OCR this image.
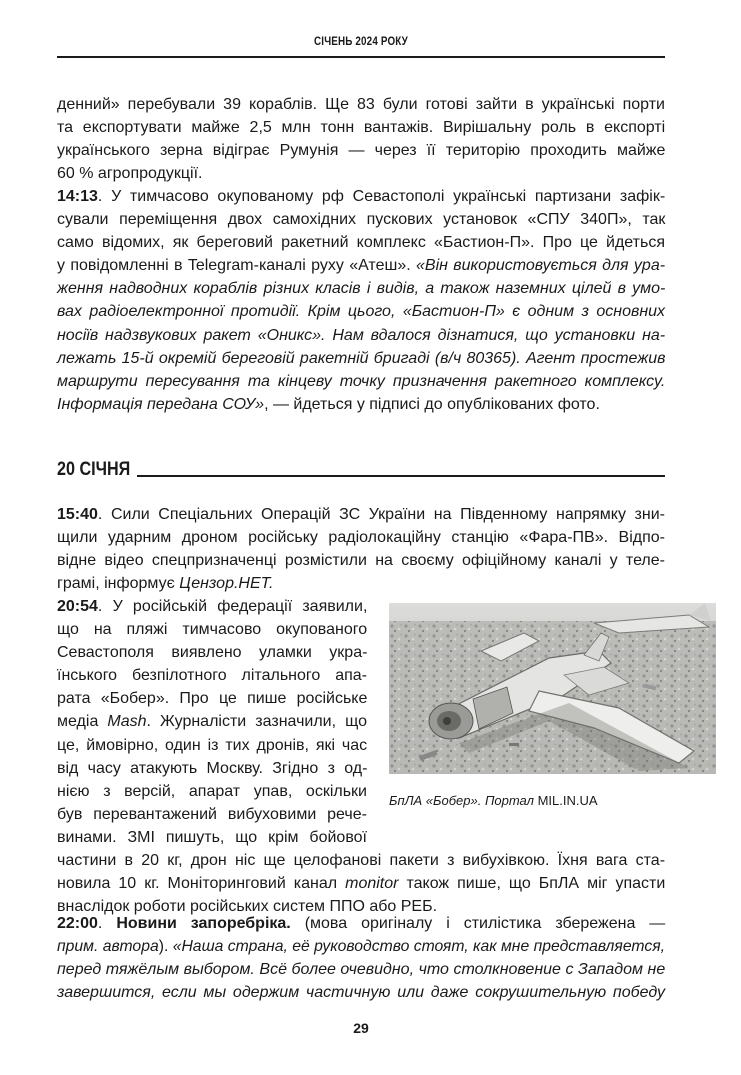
СІЧЕНЬ 2024 РОКУ
денний» перебували 39 кораблів. Ще 83 були готові зайти в українські порти
та експортувати майже 2,5 млн тонн вантажів. Вирішальну роль в експорті
українського зерна відіграє Румунія — через її територію проходить майже
60 % агропродукції.
14:13. У тимчасово окупованому рф Севастополі українські партизани зафік-
сували переміщення двох самохідних пускових установок «СПУ 340П», так
само відомих, як береговий ракетний комплекс «Бастион-П». Про це йдеться
у повідомленні в Telegram-каналі руху «Атеш». «Він використовується для ура-
ження надводних кораблів різних класів і видів, а також наземних цілей в умо-
вах радіоелектронної протидії. Крім цього, «Бастион-П» є одним з основних
носіїв надзвукових ракет «Оникс». Нам вдалося дізнатися, що установки на-
лежать 15-й окремій береговій ракетній бригаді (в/ч 80365). Агент простежив
маршрути пересування та кінцеву точку призначення ракетного комплексу.
Інформація передана СОУ», — йдеться у підписі до опублікованих фото.
20 СІЧНЯ
15:40. Сили Спеціальних Операцій ЗС України на Південному напрямку зни-
щили ударним дроном російську радіолокаційну станцію «Фара-ПВ». Відпо-
відне відео спецпризначенці розмістили на своєму офіційному каналі у теле-
грамі, інформує Цензор.НЕТ.
20:54. У російській федерації заявили,
що на пляжі тимчасово окупованого
Севастополя виявлено уламки укра-
їнського безпілотного літального апа-
рата «Бобер». Про це пише російське
медіа Mash. Журналісти зазначили, що
це, ймовірно, один із тих дронів, які час
від часу атакують Москву. Згідно з од-
нією з версій, апарат упав, оскільки
був перевантажений вибуховими рече-
винами. ЗМІ пишуть, що крім бойової
частини в 20 кг, дрон ніс ще целофанові пакети з вибухівкою. Їхня вага ста-
новила 10 кг. Моніторинговий канал monitor також пише, що БпЛА міг упасти
внаслідок роботи російських систем ППО або РЕБ.
БпЛА «Бобер». Портал MIL.IN.UA
22:00. Новини запоребріка. (мова оригіналу і стилістика збережена —
прим. автора). «Наша страна, её руководство стоят, как мне представляется,
перед тяжёлым выбором. Всё более очевидно, что столкновение с Западом не
завершится, если мы одержим частичную или даже сокрушительную победу
29
